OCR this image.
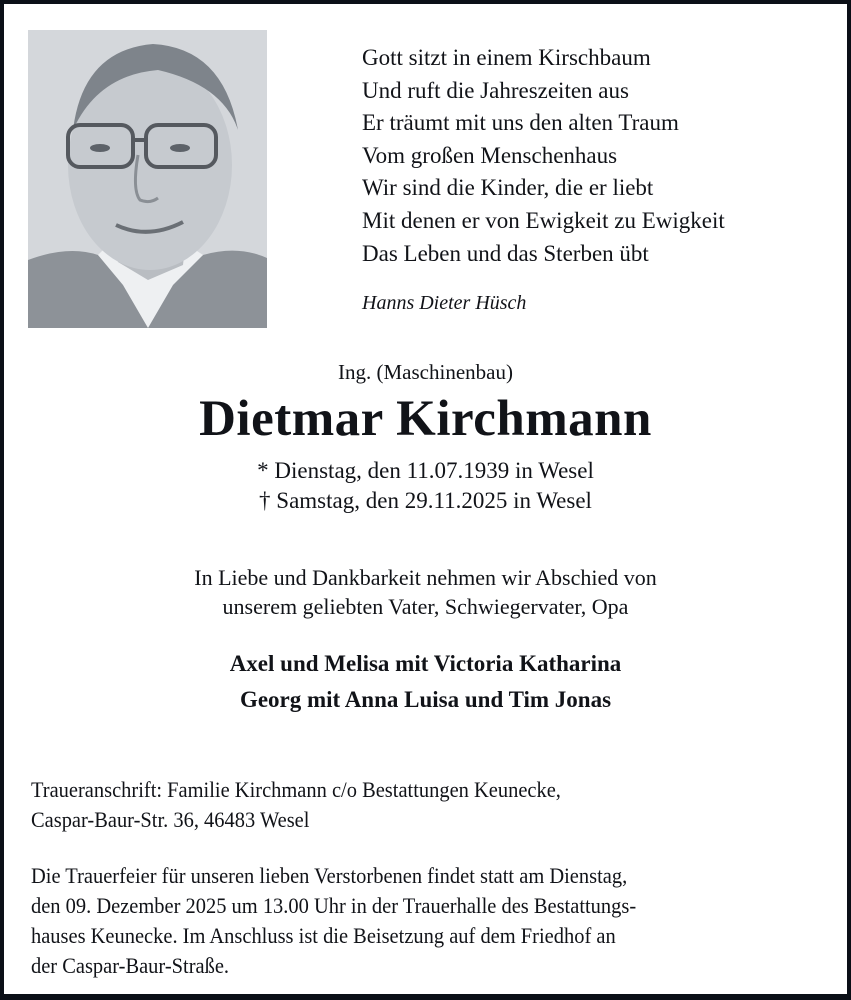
Gott sitzt in einem Kirschbaum
Und ruft die Jahreszeiten aus
Er träumt mit uns den alten Traum
Vom großen Menschenhaus
Wir sind die Kinder, die er liebt
Mit denen er von Ewigkeit zu Ewigkeit
Das Leben und das Sterben übt
Hanns Dieter Hüsch
Ing. (Maschinenbau)
Dietmar Kirchmann
* Dienstag, den 11.07.1939 in Wesel
† Samstag, den 29.11.2025 in Wesel
In Liebe und Dankbarkeit nehmen wir Abschied von
unserem geliebten Vater, Schwiegervater, Opa
Axel und Melisa mit Victoria Katharina
Georg mit Anna Luisa und Tim Jonas
Traueranschrift: Familie Kirchmann c/o Bestattungen Keunecke,
Caspar-Baur-Str. 36, 46483 Wesel
Die Trauerfeier für unseren lieben Verstorbenen findet statt am Dienstag,
den 09. Dezember 2025 um 13.00 Uhr in der Trauerhalle des Bestattungs-
hauses Keunecke. Im Anschluss ist die Beisetzung auf dem Friedhof an
der Caspar-Baur-Straße.
